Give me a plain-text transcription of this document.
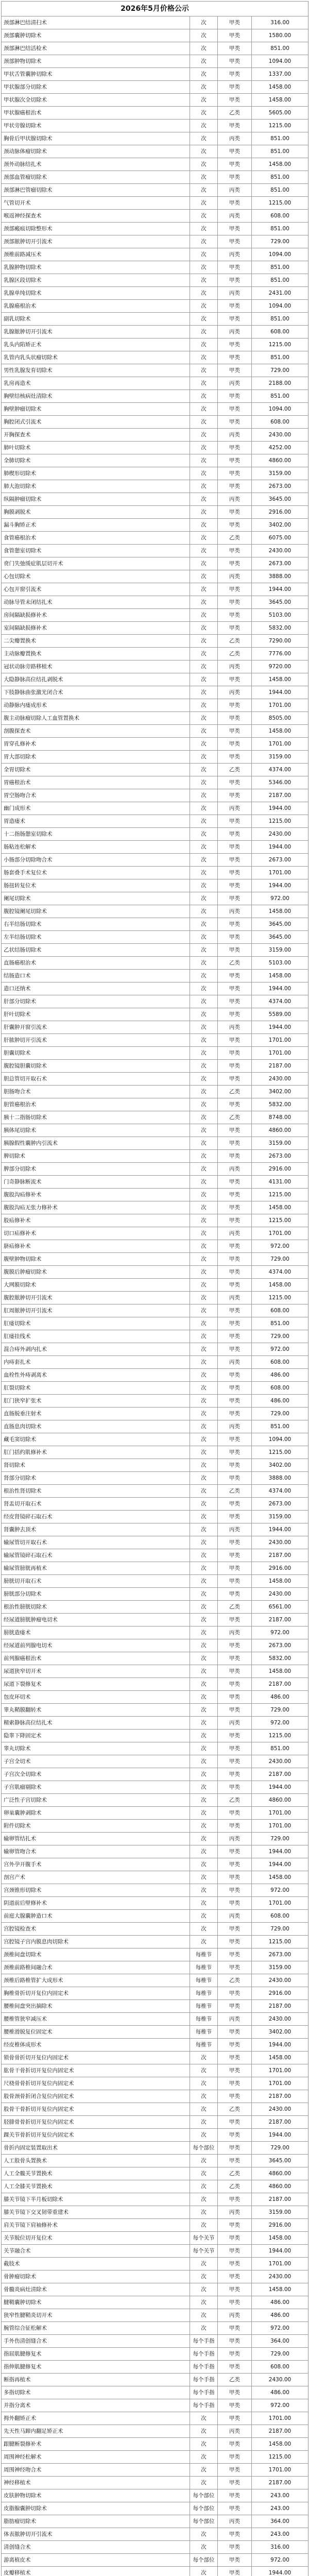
2026年5月价格公示			
颈部淋巴结清扫术	次	甲类	316.00
颈部囊肿切除术	次	甲类	1580.00
颈部淋巴结活检术	次	甲类	851.00
颈部肿物切除术	次	甲类	1094.00
甲状舌管囊肿切除术	次	甲类	1337.00
甲状腺部分切除术	次	甲类	1458.00
甲状腺次全切除术	次	甲类	1458.00
甲状腺癌根治术	次	乙类	5605.00
甲状旁腺切除术	次	甲类	1215.00
胸骨后甲状腺切除术	次	丙类	851.00
颈动脉体瘤切除术	次	甲类	851.00
颈外动脉结扎术	次	甲类	1458.00
颈部血管瘤切除术	次	甲类	851.00
颈部淋巴管瘤切除术	次	丙类	851.00
气管切开术	次	甲类	1215.00
喉返神经探查术	次	丙类	608.00
颈部瘢痕切除整形术	次	甲类	851.00
颈部脓肿切开引流术	次	甲类	729.00
颈椎前路减压术	次	丙类	1094.00
乳腺肿物切除术	次	甲类	851.00
乳腺区段切除术	次	甲类	851.00
乳腺单纯切除术	次	丙类	2431.00
乳腺癌根治术	次	甲类	1094.00
副乳切除术	次	甲类	851.00
乳腺脓肿切开引流术	次	丙类	608.00
乳头内陷矫正术	次	甲类	1215.00
乳管内乳头状瘤切除术	次	甲类	851.00
男性乳腺发育切除术	次	甲类	729.00
乳房再造术	次	丙类	2188.00
胸壁结核病灶清除术	次	甲类	851.00
胸壁肿瘤切除术	次	甲类	1094.00
胸腔闭式引流术	次	甲类	608.00
开胸探查术	次	丙类	2430.00
肺叶切除术	次	甲类	4252.00
全肺切除术	次	甲类	4860.00
肺楔形切除术	次	甲类	3159.00
肺大泡切除术	次	甲类	2673.00
纵隔肿瘤切除术	次	丙类	3645.00
胸膜剥脱术	次	甲类	2916.00
漏斗胸矫正术	次	甲类	3402.00
食管癌根治术	次	乙类	6075.00
食管憩室切除术	次	甲类	2430.00
贲门失弛缓症肌层切开术	次	甲类	2673.00
心包切除术	次	丙类	3888.00
心包开窗引流术	次	甲类	1944.00
动脉导管未闭结扎术	次	甲类	3645.00
房间隔缺损修补术	次	甲类	5103.00
室间隔缺损修补术	次	甲类	5832.00
二尖瓣置换术	次	乙类	7290.00
主动脉瓣置换术	次	乙类	7776.00
冠状动脉旁路移植术	次	丙类	9720.00
大隐静脉高位结扎剥脱术	次	甲类	1458.00
下肢静脉曲张激光闭合术	次	丙类	1944.00
动静脉内瘘成形术	次	甲类	1701.00
腹主动脉瘤切除人工血管置换术	次	甲类	8505.00
剖腹探查术	次	甲类	1458.00
胃穿孔修补术	次	甲类	1701.00
胃大部切除术	次	甲类	3159.00
全胃切除术	次	乙类	4374.00
胃癌根治术	次	甲类	5346.00
胃空肠吻合术	次	甲类	2187.00
幽门成形术	次	丙类	1944.00
胃造瘘术	次	甲类	1215.00
十二指肠憩室切除术	次	甲类	2430.00
肠粘连松解术	次	甲类	1944.00
小肠部分切除吻合术	次	甲类	2673.00
肠套叠手术复位术	次	甲类	1701.00
肠扭转复位术	次	甲类	1944.00
阑尾切除术	次	甲类	972.00
腹腔镜阑尾切除术	次	丙类	1458.00
右半结肠切除术	次	甲类	3645.00
左半结肠切除术	次	甲类	3645.00
乙状结肠切除术	次	甲类	3159.00
直肠癌根治术	次	乙类	5103.00
结肠造口术	次	甲类	1458.00
造口还纳术	次	甲类	1944.00
肝部分切除术	次	甲类	4374.00
肝叶切除术	次	甲类	5589.00
肝囊肿开窗引流术	次	丙类	1944.00
肝脓肿切开引流术	次	甲类	1701.00
胆囊切除术	次	甲类	1701.00
腹腔镜胆囊切除术	次	甲类	2187.00
胆总管切开取石术	次	甲类	2430.00
胆肠吻合术	次	乙类	3402.00
胆管癌根治术	次	甲类	5832.00
胰十二指肠切除术	次	乙类	8748.00
胰体尾切除术	次	甲类	4860.00
胰腺假性囊肿内引流术	次	甲类	3159.00
脾切除术	次	甲类	2673.00
脾部分切除术	次	丙类	2916.00
门奇静脉断流术	次	甲类	4131.00
腹股沟疝修补术	次	甲类	1215.00
腹股沟疝无张力修补术	次	甲类	1458.00
股疝修补术	次	甲类	1215.00
切口疝修补术	次	丙类	1701.00
脐疝修补术	次	甲类	972.00
腹壁肿物切除术	次	甲类	729.00
腹膜后肿瘤切除术	次	甲类	4374.00
大网膜切除术	次	甲类	1458.00
腹腔脓肿切开引流术	次	丙类	1215.00
肛周脓肿切开引流术	次	甲类	608.00
肛瘘切除术	次	甲类	851.00
肛瘘挂线术	次	甲类	729.00
混合痔外剥内扎术	次	甲类	972.00
内痔套扎术	次	丙类	608.00
血栓性外痔剥离术	次	甲类	486.00
肛裂切除术	次	甲类	608.00
肛门狭窄扩张术	次	甲类	486.00
直肠脱垂注射术	次	甲类	729.00
直肠息肉切除术	次	丙类	851.00
藏毛窦切除术	次	甲类	1094.00
肛门括约肌修补术	次	甲类	1215.00
肾切除术	次	甲类	3402.00
肾部分切除术	次	甲类	3888.00
根治性肾切除术	次	乙类	4374.00
肾盂切开取石术	次	甲类	2673.00
经皮肾镜碎石取石术	次	甲类	3159.00
肾囊肿去顶术	次	丙类	1944.00
输尿管切开取石术	次	甲类	2430.00
输尿管镜碎石取石术	次	甲类	2187.00
输尿管膀胱再植术	次	甲类	2916.00
膀胱切开取石术	次	甲类	1458.00
膀胱部分切除术	次	甲类	2430.00
根治性膀胱切除术	次	乙类	6561.00
经尿道膀胱肿瘤电切术	次	甲类	2187.00
膀胱造瘘术	次	丙类	972.00
经尿道前列腺电切术	次	甲类	2673.00
前列腺癌根治术	次	甲类	5832.00
尿道狭窄切开术	次	甲类	1458.00
尿道下裂修复术	次	甲类	2187.00
包皮环切术	次	甲类	486.00
睾丸鞘膜翻转术	次	甲类	729.00
精索静脉高位结扎术	次	丙类	972.00
隐睾下降固定术	次	甲类	1215.00
睾丸切除术	次	甲类	851.00
子宫全切术	次	甲类	2430.00
子宫次全切除术	次	甲类	2187.00
子宫肌瘤剔除术	次	甲类	1944.00
广泛性子宫切除术	次	乙类	4860.00
卵巢囊肿剥除术	次	甲类	1701.00
附件切除术	次	甲类	1701.00
输卵管结扎术	次	丙类	729.00
输卵管吻合术	次	甲类	1944.00
宫外孕开腹手术	次	甲类	1944.00
剖宫产术	次	甲类	1458.00
宫颈锥形切除术	次	甲类	972.00
阴道前后壁修补术	次	甲类	1701.00
前庭大腺囊肿造口术	次	丙类	608.00
宫腔镜检查术	次	甲类	729.00
宫腔镜子宫内膜息肉切除术	次	甲类	1215.00
颈椎间盘切除术	每椎节	甲类	2673.00
颈椎前路椎间融合术	每椎节	甲类	3159.00
颈椎后路椎管扩大成形术	每椎节	乙类	2430.00
胸椎骨折切开复位内固定术	每椎节	甲类	2916.00
腰椎间盘突出摘除术	每椎节	甲类	2187.00
腰椎管狭窄减压术	每椎节	丙类	2430.00
腰椎滑脱复位固定术	每椎节	甲类	3402.00
经皮椎体成形术	每椎节	甲类	1944.00
锁骨骨折切开复位内固定术	次	甲类	1458.00
肱骨干骨折切开复位内固定术	次	甲类	1701.00
尺桡骨骨折切开复位内固定术	次	甲类	1701.00
股骨颈骨折闭合复位内固定术	次	甲类	2187.00
股骨干骨折切开复位内固定术	次	乙类	2430.00
胫腓骨骨折切开复位内固定术	次	甲类	2187.00
踝关节骨折切开复位内固定术	次	甲类	1944.00
骨折内固定装置取出术	每个部位	甲类	729.00
人工股骨头置换术	次	甲类	3645.00
人工全髋关节置换术	次	乙类	4860.00
人工全膝关节置换术	次	乙类	4860.00
膝关节镜下半月板切除术	次	甲类	2187.00
膝关节镜下交叉韧带重建术	次	丙类	3159.00
肩关节镜下肩袖修补术	次	甲类	2916.00
关节脱位切开复位术	每个关节	甲类	1458.00
关节融合术	每个关节	甲类	1944.00
截肢术	次	甲类	1701.00
骨肿瘤切除术	次	甲类	2430.00
骨髓炎病灶清除术	次	甲类	1458.00
腱鞘囊肿切除术	次	甲类	486.00
狭窄性腱鞘炎切开术	次	丙类	486.00
腕管综合征松解术	次	甲类	972.00
手外伤清创缝合术	每个手指	甲类	364.00
指屈肌腱修复术	每个手指	甲类	729.00
指伸肌腱修复术	每个手指	甲类	608.00
断指再植术	每个手指	乙类	2430.00
多指切除术	每个手指	甲类	486.00
并指分离术	每个手指	甲类	972.00
拇外翻矫正术	次	甲类	1701.00
先天性马蹄内翻足矫正术	次	丙类	2187.00
跟腱断裂修补术	次	甲类	1458.00
周围神经松解术	次	甲类	1215.00
周围神经吻合术	次	甲类	1701.00
神经移植术	次	甲类	2187.00
皮肤肿物切除术	每个部位	甲类	243.00
皮脂腺囊肿切除术	每个部位	甲类	243.00
脂肪瘤切除术	每个部位	丙类	364.00
体表脓肿切开引流术	次	甲类	243.00
清创缝合术	次	甲类	316.00
游离植皮术	每个部位	甲类	972.00
皮瓣移植术	次	甲类	1944.00
